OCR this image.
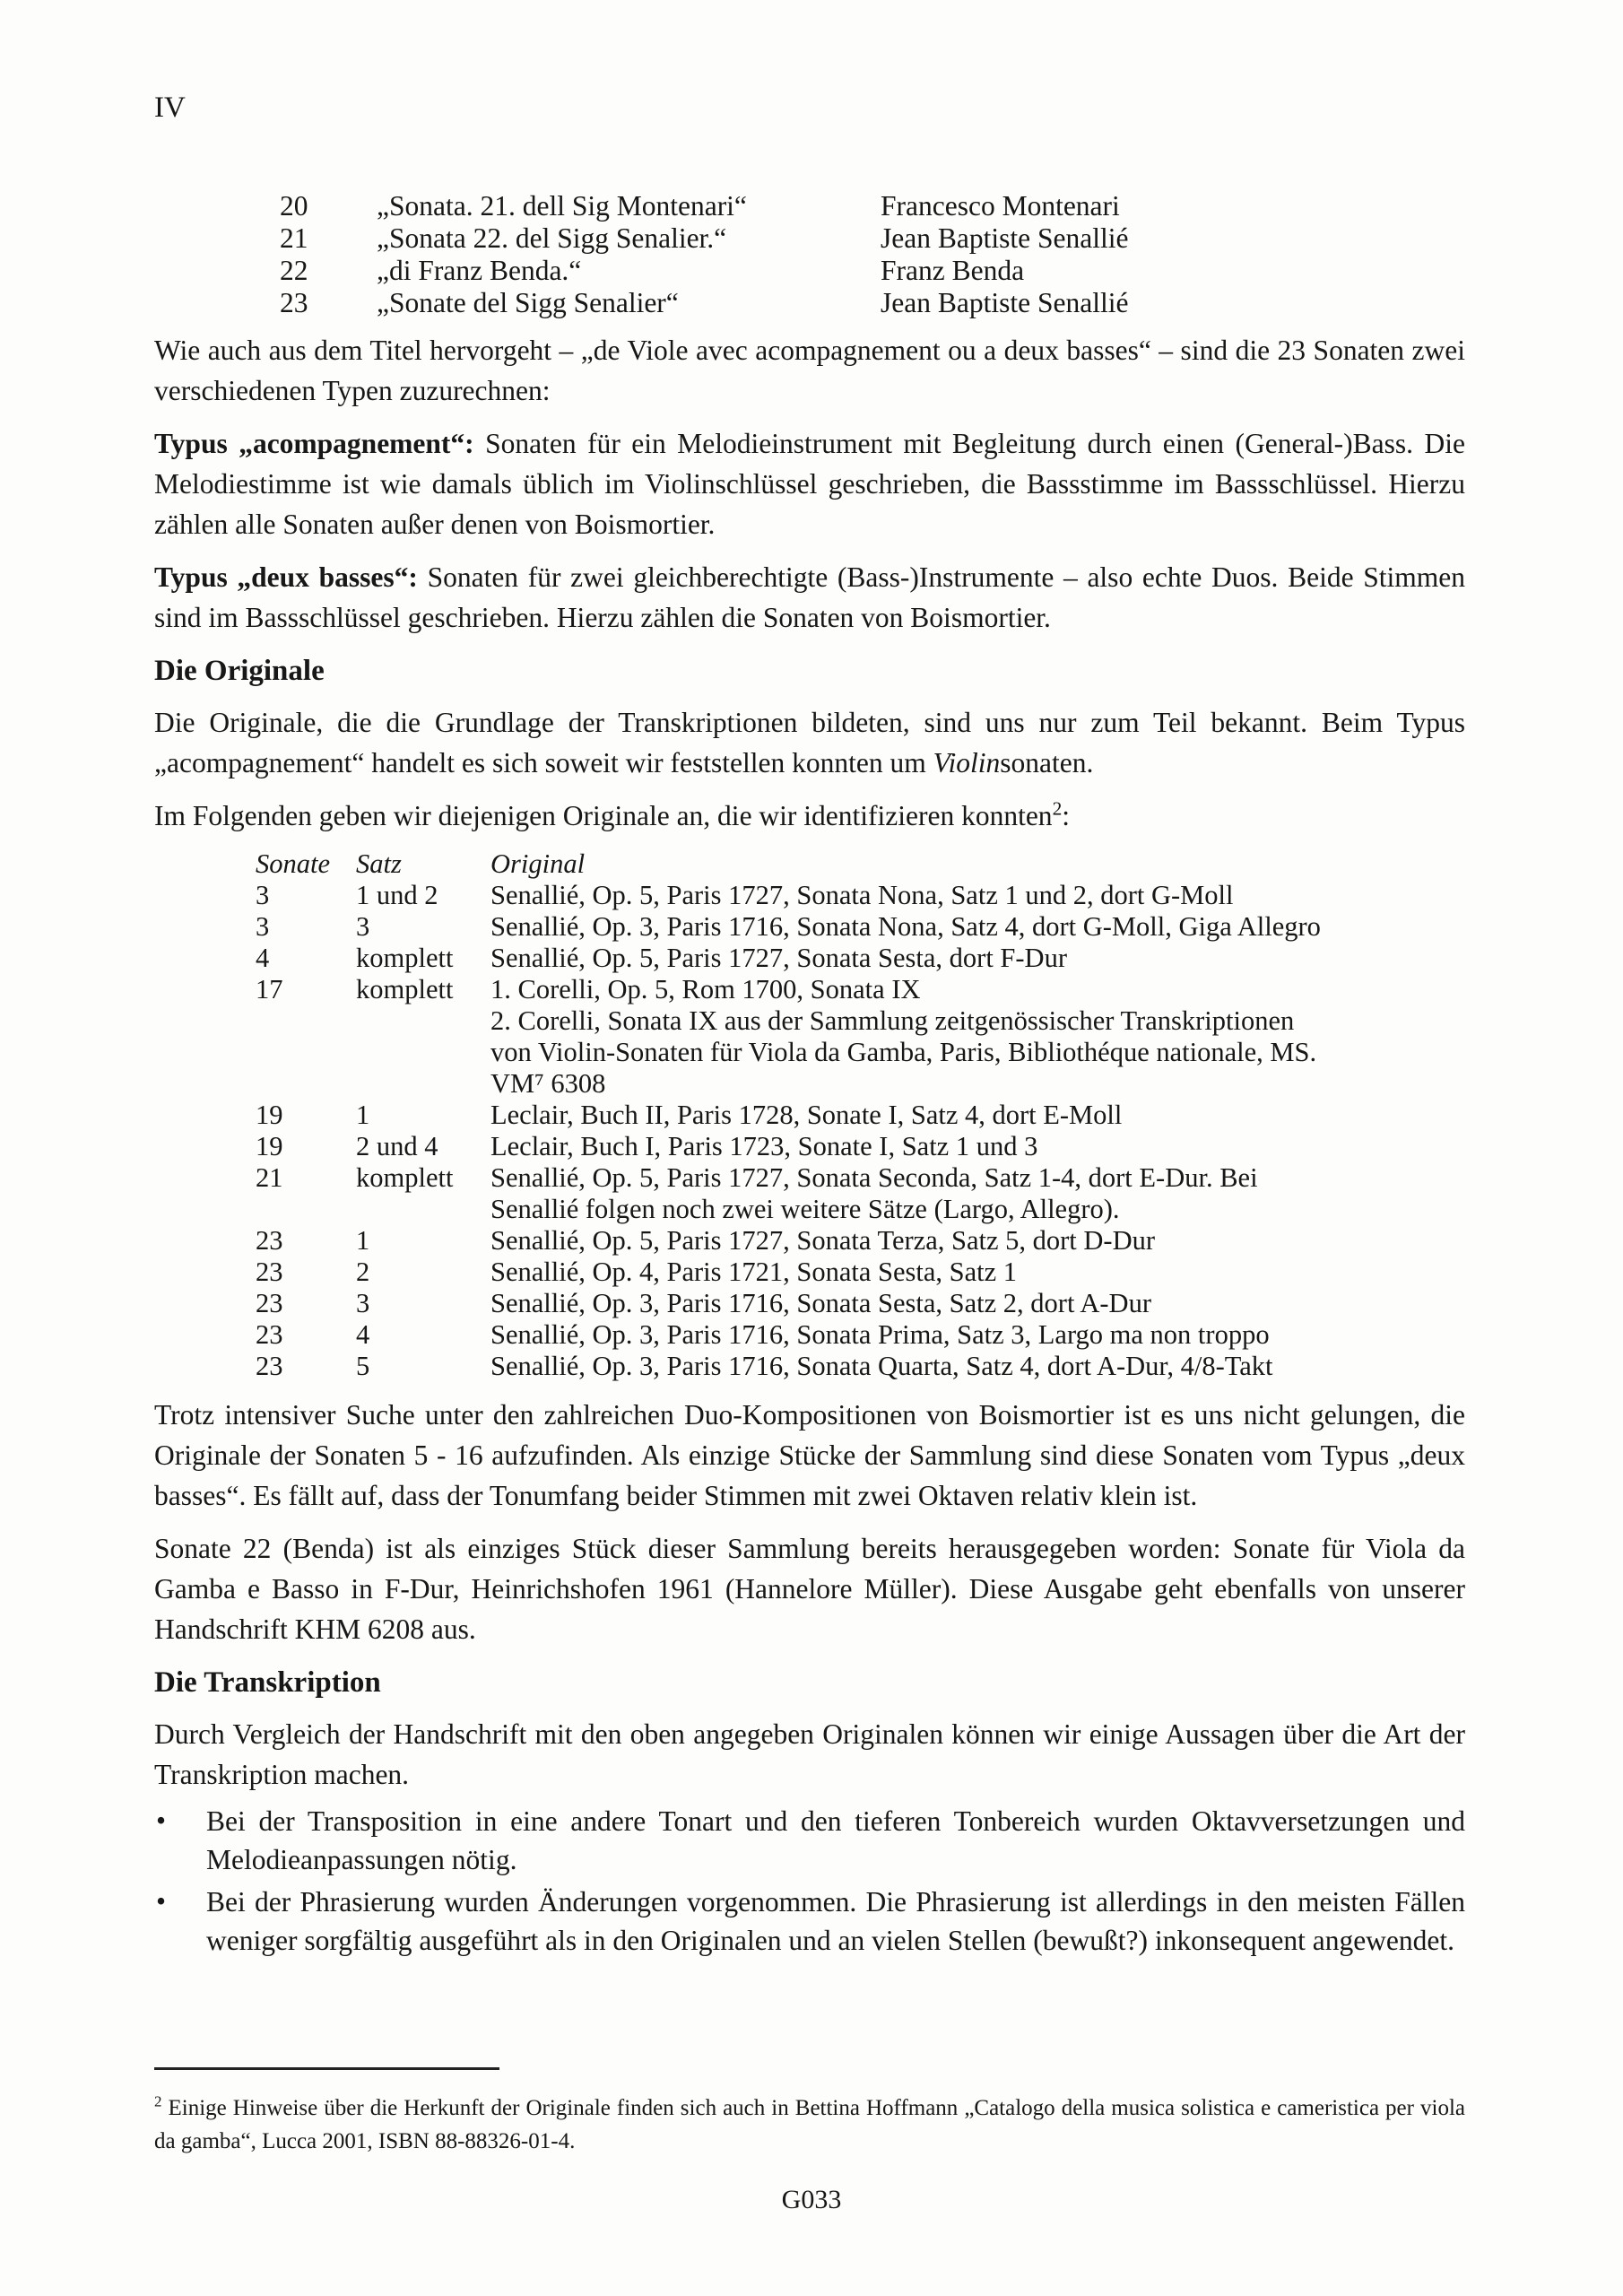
IV
20	„Sonata. 21. dell Sig Montenari“	Francesco Montenari
21	„Sonata 22. del Sigg Senalier.“	Jean Baptiste Senallié
22	„di Franz Benda.“	Franz Benda
23	„Sonate del Sigg Senalier“	Jean Baptiste Senallié

Wie auch aus dem Titel hervorgeht – „de Viole avec acompagnement ou a deux basses“ – sind die 23 Sonaten zwei verschiedenen Typen zuzurechnen:

Typus „acompagnement“: Sonaten für ein Melodieinstrument mit Begleitung durch einen (General-)Bass. Die Melodiestimme ist wie damals üblich im Violinschlüssel geschrieben, die Bassstimme im Bassschlüssel. Hierzu zählen alle Sonaten außer denen von Boismortier.

Typus „deux basses“: Sonaten für zwei gleichberechtigte (Bass-)Instrumente – also echte Duos. Beide Stimmen sind im Bassschlüssel geschrieben. Hierzu zählen die Sonaten von Boismortier.

Die Originale

Die Originale, die die Grundlage der Transkriptionen bildeten, sind uns nur zum Teil bekannt. Beim Typus „acompagnement“ handelt es sich soweit wir feststellen konnten um Violinsonaten.

Im Folgenden geben wir diejenigen Originale an, die wir identifizieren konnten$^2$:

Sonate Satz	Original
3	1 und 2	Senallié, Op. 5, Paris 1727, Sonata Nona, Satz 1 und 2, dort G-Moll
3	3	Senallié, Op. 3, Paris 1716, Sonata Nona, Satz 4, dort G-Moll, Giga Allegro
4	komplett	Senallié, Op. 5, Paris 1727, Sonata Sesta, dort F-Dur
17	komplett	1. Corelli, Op. 5, Rom 1700, Sonata IX
2. Corelli, Sonata IX aus der Sammlung zeitgenössischer Transkriptionen
von Violin-Sonaten für Viola da Gamba, Paris, Bibliothéque nationale, MS.
VM⁷ 6308
19	1	Leclair, Buch II, Paris 1728, Sonate I, Satz 4, dort E-Moll
19	2 und 4	Leclair, Buch I, Paris 1723, Sonate I, Satz 1 und 3
21	komplett	Senallié, Op. 5, Paris 1727, Sonata Seconda, Satz 1-4, dort E-Dur. Bei
Senallié folgen noch zwei weitere Sätze (Largo, Allegro).
23	1	Senallié, Op. 5, Paris 1727, Sonata Terza, Satz 5, dort D-Dur
23	2	Senallié, Op. 4, Paris 1721, Sonata Sesta, Satz 1
23	3	Senallié, Op. 3, Paris 1716, Sonata Sesta, Satz 2, dort A-Dur
23	4	Senallié, Op. 3, Paris 1716, Sonata Prima, Satz 3, Largo ma non troppo
23	5	Senallié, Op. 3, Paris 1716, Sonata Quarta, Satz 4, dort A-Dur, 4/8-Takt

Trotz intensiver Suche unter den zahlreichen Duo-Kompositionen von Boismortier ist es uns nicht gelungen, die Originale der Sonaten 5 - 16 aufzufinden. Als einzige Stücke der Sammlung sind diese Sonaten vom Typus „deux basses“. Es fällt auf, dass der Tonumfang beider Stimmen mit zwei Oktaven relativ klein ist.

Sonate 22 (Benda) ist als einziges Stück dieser Sammlung bereits herausgegeben worden: Sonate für Viola da Gamba e Basso in F-Dur, Heinrichshofen 1961 (Hannelore Müller). Diese Ausgabe geht ebenfalls von unserer Handschrift KHM 6208 aus.

Die Transkription

Durch Vergleich der Handschrift mit den oben angegeben Originalen können wir einige Aussagen über die Art der Transkription machen.

• Bei der Transposition in eine andere Tonart und den tieferen Tonbereich wurden Oktavversetzungen und Melodieanpassungen nötig.
• Bei der Phrasierung wurden Änderungen vorgenommen. Die Phrasierung ist allerdings in den meisten Fällen weniger sorgfältig ausgeführt als in den Originalen und an vielen Stellen (bewußt?) inkonsequent angewendet.

$^2$ Einige Hinweise über die Herkunft der Originale finden sich auch in Bettina Hoffmann „Catalogo della musica solistica e cameristica per viola da gamba“, Lucca 2001, ISBN 88-88326-01-4.

G033
